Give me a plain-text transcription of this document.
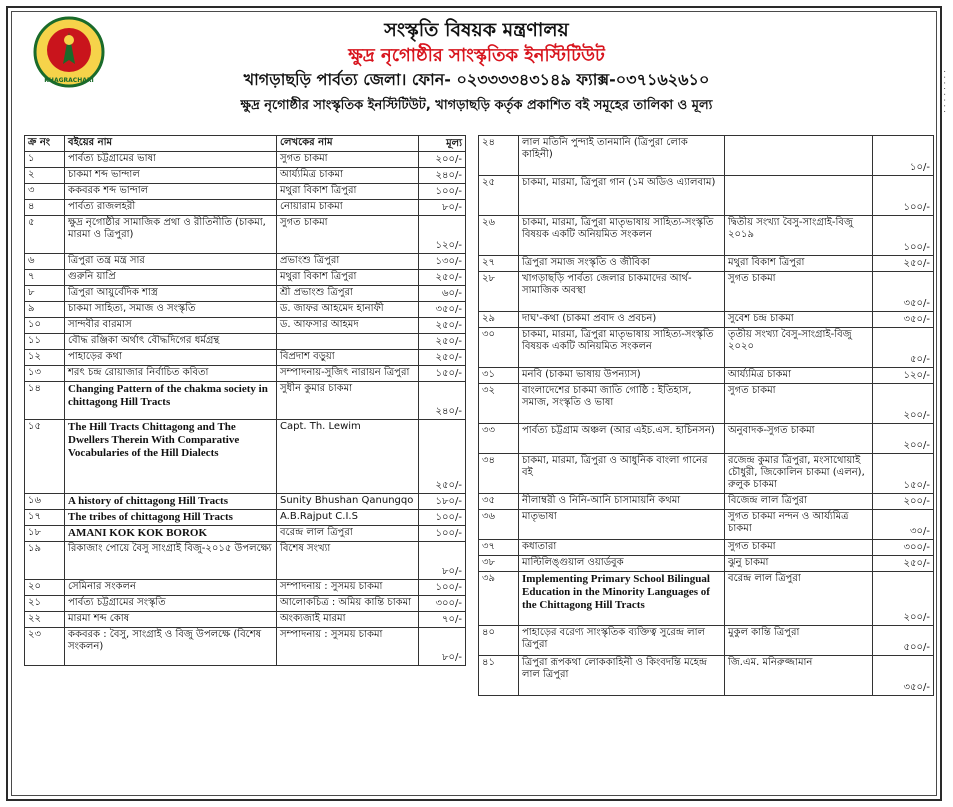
KHAGRACHARI
সংস্কৃতি বিষয়ক মন্ত্রণালয়
ক্ষুদ্র নৃগোষ্ঠীর সাংস্কৃতিক ইনস্টিটিউট
খাগড়াছড়ি পার্বত্য জেলা। ফোন- ০২৩৩৩৩৪৩১৪৯ ফ্যাক্স-০৩৭১৬২৬১০
ক্ষুদ্র নৃগোষ্ঠীর সাংস্কৃতিক ইনস্টিটিউট, খাগড়াছড়ি কর্তৃক প্রকাশিত বই সমূহের তালিকা ও মূল্য
ক্র নং	বইয়ের নাম	লেখকের নাম	মূল্য
১	পার্বত্য চট্টগ্রামের ভাষা	সুগত চাকমা	২০০/-
২	চাকমা শব্দ ভান্দাল	আর্য্যমিত্র চাকমা	২৪০/-
৩	ককবরক শব্দ ভান্দাল	মথুরা বিকাশ ত্রিপুরা	১০০/-
৪	পার্বত্য রাজলহরী	নোয়ারাম চাকমা	৮০/-
৫	ক্ষুদ্র নৃগোষ্ঠীর সামাজিক প্রথা ও রীতিনীতি (চাকমা, মারমা ও ত্রিপুরা)	সুগত চাকমা	১২০/-
৬	ত্রিপুরা তন্ত্র মন্ত্র সার	প্রভাংশু ত্রিপুরা	১৩০/-
৭	গুরুনি য়াপ্রি	মথুরা বিকাশ ত্রিপুরা	২৫০/-
৮	ত্রিপুরা আয়ুর্বেদিক শাস্ত্র	শ্রী প্রভাংশু ত্রিপুরা	৬০/-
৯	চাকমা সাহিত্য, সমাজ ও সংস্কৃতি	ড. জাফর আহমেদ হানাফী	৩৫০/-
১০	সান্দবীর বারমাস	ড. আফসার আহমদ	২৫০/-
১১	বৌদ্ধ রঞ্জিকা অর্থাৎ বৌদ্ধদিগের ধর্মগ্রন্থ		২৫০/-
১২	পাহাড়ের কথা	বিপ্রদাশ বড়ুয়া	২৫০/-
১৩	শরৎ চন্দ্র রোয়াজার নির্বাচিত কবিতা	সম্পাদনায়-সুজিৎ নারায়ন ত্রিপুরা	১৫০/-
১৪	Changing Pattern of the chakma society in chittagong Hill Tracts	সুধীন কুমার চাকমা	২৪০/-
১৫	The Hill Tracts Chittagong and The Dwellers Therein With Comparative Vocabularies of the Hill Dialects	Capt. Th. Lewim	২৫০/-
১৬	A history of chittagong Hill Tracts	Sunity Bhushan Qanungqo	১৮০/-
১৭	The tribes of chittagong Hill Tracts	A.B.Rajput C.I.S	১০০/-
১৮	AMANI KOK KOK BOROK	বরেন্দ্র লাল ত্রিপুরা	১০০/-
১৯	রিকাজাং পোয়ে বৈসু সাংগ্রাই বিজু-২০১৫ উপলক্ষ্যে	বিশেষ সংখ্যা	৮০/-
২০	সেমিনার সংকলন	সম্পাদনায় : সুসময় চাকমা	১০০/-
২১	পার্বত্য চট্টগ্রামের সংস্কৃতি	আলোকচিত্র : অমিয় কান্তি চাকমা	৩০০/-
২২	মারমা শব্দ কোষ	অংক্যজাই মারমা	৭০/-
২৩	ককবরক : বৈসু, সাংগ্রাই ও বিজু উপলক্ষে (বিশেষ সংকলন)	সম্পাদনায় : সুসময় চাকমা	৮০/-
২৪	লাল মতিনি পুন্দাই তানমানি (ত্রিপুরা লোক কাহিনী)		১০/-
২৫	চাকমা, মারমা, ত্রিপুরা গান (১ম অডিও এ্যালবাম)		১০০/-
২৬	চাকমা, মারমা, ত্রিপুরা মাতৃভাষায় সাহিত্য-সংস্কৃতি বিষয়ক একটি অনিয়মিত সংকলন	দ্বিতীয় সংখ্যা বৈসু-সাংগ্রাই-বিজু ২০১৯	১০০/-
২৭	ত্রিপুরা সমাজ সংস্কৃতি ও জীবিকা	মথুরা বিকাশ ত্রিপুরা	২৫০/-
২৮	খাগড়াছড়ি পার্বত্য জেলার চাকমাদের আর্থ-সামাজিক অবস্থা	সুগত চাকমা	৩৫০/-
২৯	দাঘ'-কথা (চাকমা প্রবাদ ও প্রবচন)	সুবেশ চন্দ্র চাকমা	৩৫০/-
৩০	চাকমা, মারমা, ত্রিপুরা মাতৃভাষায় সাহিত্য-সংস্কৃতি বিষয়ক একটি অনিয়মিত সংকলন	তৃতীয় সংখ্যা বৈসু-সাংগ্রাই-বিজু ২০২০	৫০/-
৩১	মনবি (চাকমা ভাষায় উপন্যাস)	আর্য্যমিত্র চাকমা	১২০/-
৩২	বাংলাদেশের চাকমা জাতি গোষ্ঠি : ইতিহাস, সমাজ, সংস্কৃতি ও ভাষা	সুগত চাকমা	২০০/-
৩৩	পার্বত্য চট্টগ্রাম অঞ্চল (আর এইচ.এস. হাচিনসন)	অনুবাদক-সুগত চাকমা	২০০/-
৩৪	চাকমা, মারমা, ত্রিপুরা ও আধুনিক বাংলা গানের বই	রজেন্দ্র কুমার ত্রিপুরা, মংসাথোয়াই চৌধুরী, জিকোলিন চাকমা (এলন), রুলুক চাকমা	১৫০/-
৩৫	নীলাম্বরী ও নিনি-আনি চাসামায়নি কথমা	বিজেন্দ্র লাল ত্রিপুরা	২০০/-
৩৬	মাতৃভাষা	সুগত চাকমা নন্দন ও আর্য্যমিত্র চাকমা	৩০/-
৩৭	কধাতারা	সুগত চাকমা	৩০০/-
৩৮	মাল্টিলিঙ্গুয়াল ওয়ার্ডবুক	ঝুনু চাকমা	২৫০/-
৩৯	Implementing Primary School Bilingual Education in the Minority Languages of the Chittagong Hill Tracts	বরেন্দ্র লাল ত্রিপুরা	২০০/-
৪০	পাহাড়ের বরেণ্য সাংস্কৃতিক ব্যক্তিত্ব সুরেন্দ্র লাল ত্রিপুরা	মুকুল কান্তি ত্রিপুরা	৫০০/-
৪১	ত্রিপুরা রূপকথা লোককাহিনী ও কিংবদন্তি মহেন্দ্র লাল ত্রিপুরা	জি.এম. মনিরুজ্জামান	৩৫০/-
. . . . . . . .
